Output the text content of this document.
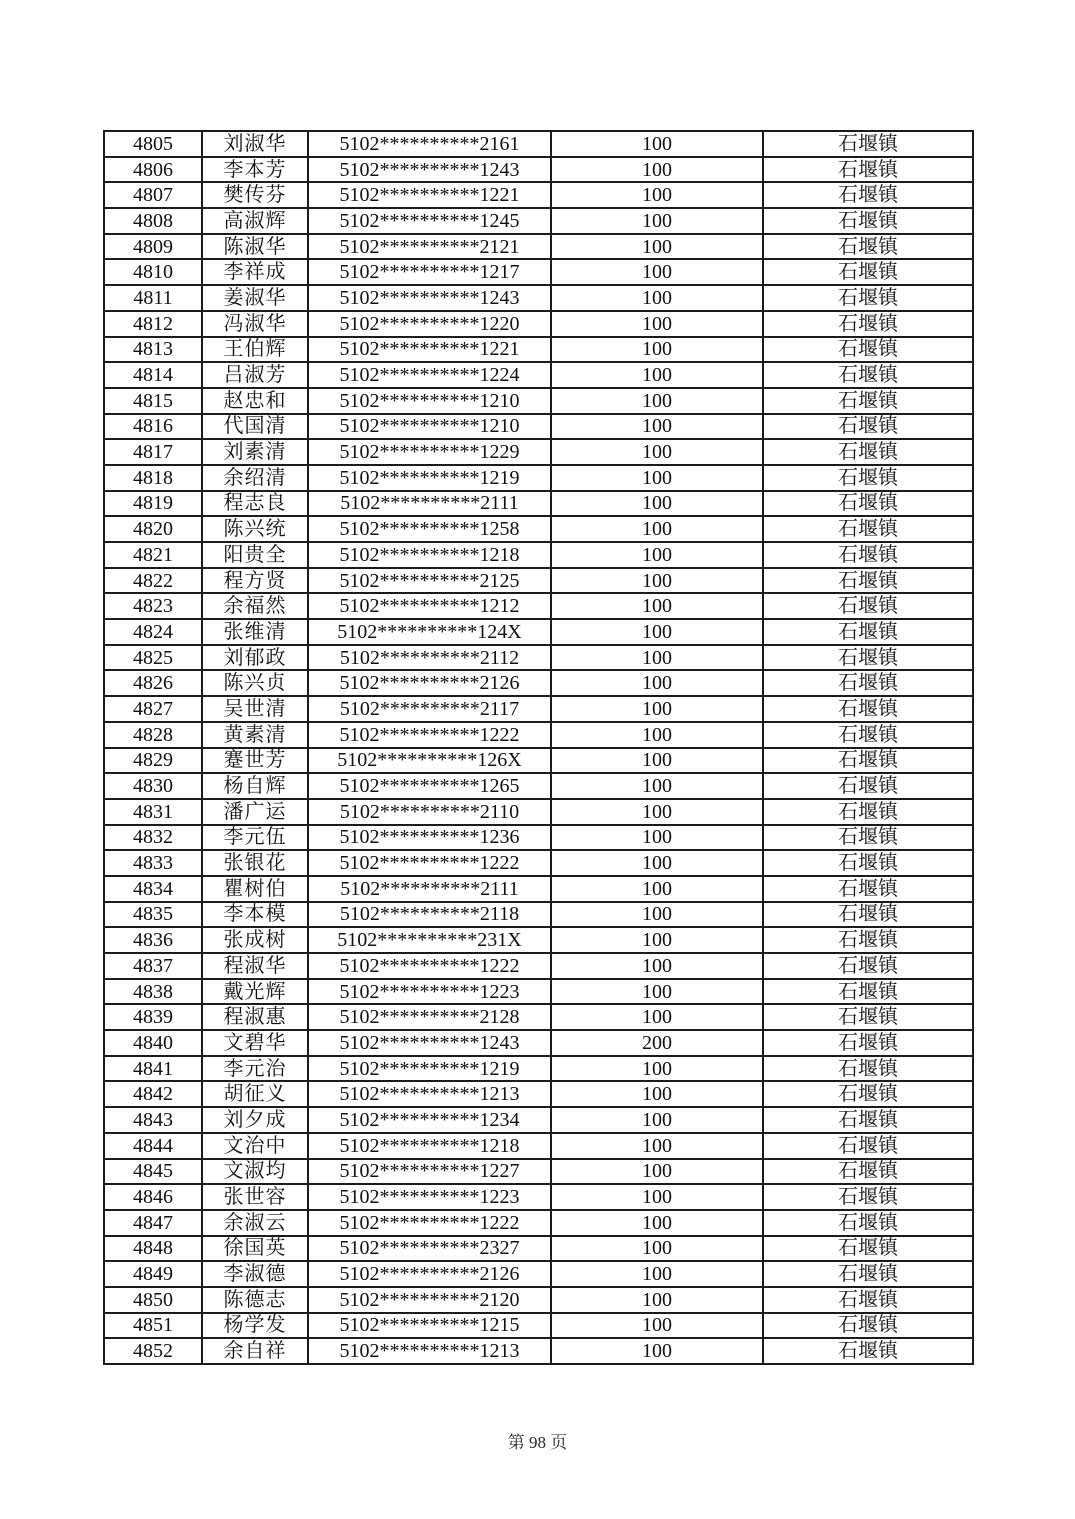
4805	刘淑华	5102**********2161	100	石堰镇
4806	李本芳	5102**********1243	100	石堰镇
4807	樊传芬	5102**********1221	100	石堰镇
4808	高淑辉	5102**********1245	100	石堰镇
4809	陈淑华	5102**********2121	100	石堰镇
4810	李祥成	5102**********1217	100	石堰镇
4811	姜淑华	5102**********1243	100	石堰镇
4812	冯淑华	5102**********1220	100	石堰镇
4813	王伯辉	5102**********1221	100	石堰镇
4814	吕淑芳	5102**********1224	100	石堰镇
4815	赵忠和	5102**********1210	100	石堰镇
4816	代国清	5102**********1210	100	石堰镇
4817	刘素清	5102**********1229	100	石堰镇
4818	余绍清	5102**********1219	100	石堰镇
4819	程志良	5102**********2111	100	石堰镇
4820	陈兴统	5102**********1258	100	石堰镇
4821	阳贵全	5102**********1218	100	石堰镇
4822	程方贤	5102**********2125	100	石堰镇
4823	余福然	5102**********1212	100	石堰镇
4824	张维清	5102**********124X	100	石堰镇
4825	刘郁政	5102**********2112	100	石堰镇
4826	陈兴贞	5102**********2126	100	石堰镇
4827	吴世清	5102**********2117	100	石堰镇
4828	黄素清	5102**********1222	100	石堰镇
4829	蹇世芳	5102**********126X	100	石堰镇
4830	杨自辉	5102**********1265	100	石堰镇
4831	潘广运	5102**********2110	100	石堰镇
4832	李元伍	5102**********1236	100	石堰镇
4833	张银花	5102**********1222	100	石堰镇
4834	瞿树伯	5102**********2111	100	石堰镇
4835	李本模	5102**********2118	100	石堰镇
4836	张成树	5102**********231X	100	石堰镇
4837	程淑华	5102**********1222	100	石堰镇
4838	戴光辉	5102**********1223	100	石堰镇
4839	程淑惠	5102**********2128	100	石堰镇
4840	文碧华	5102**********1243	200	石堰镇
4841	李元治	5102**********1219	100	石堰镇
4842	胡征义	5102**********1213	100	石堰镇
4843	刘夕成	5102**********1234	100	石堰镇
4844	文治中	5102**********1218	100	石堰镇
4845	文淑均	5102**********1227	100	石堰镇
4846	张世容	5102**********1223	100	石堰镇
4847	余淑云	5102**********1222	100	石堰镇
4848	徐国英	5102**********2327	100	石堰镇
4849	李淑德	5102**********2126	100	石堰镇
4850	陈德志	5102**********2120	100	石堰镇
4851	杨学发	5102**********1215	100	石堰镇
4852	余自祥	5102**********1213	100	石堰镇
第 98 页
